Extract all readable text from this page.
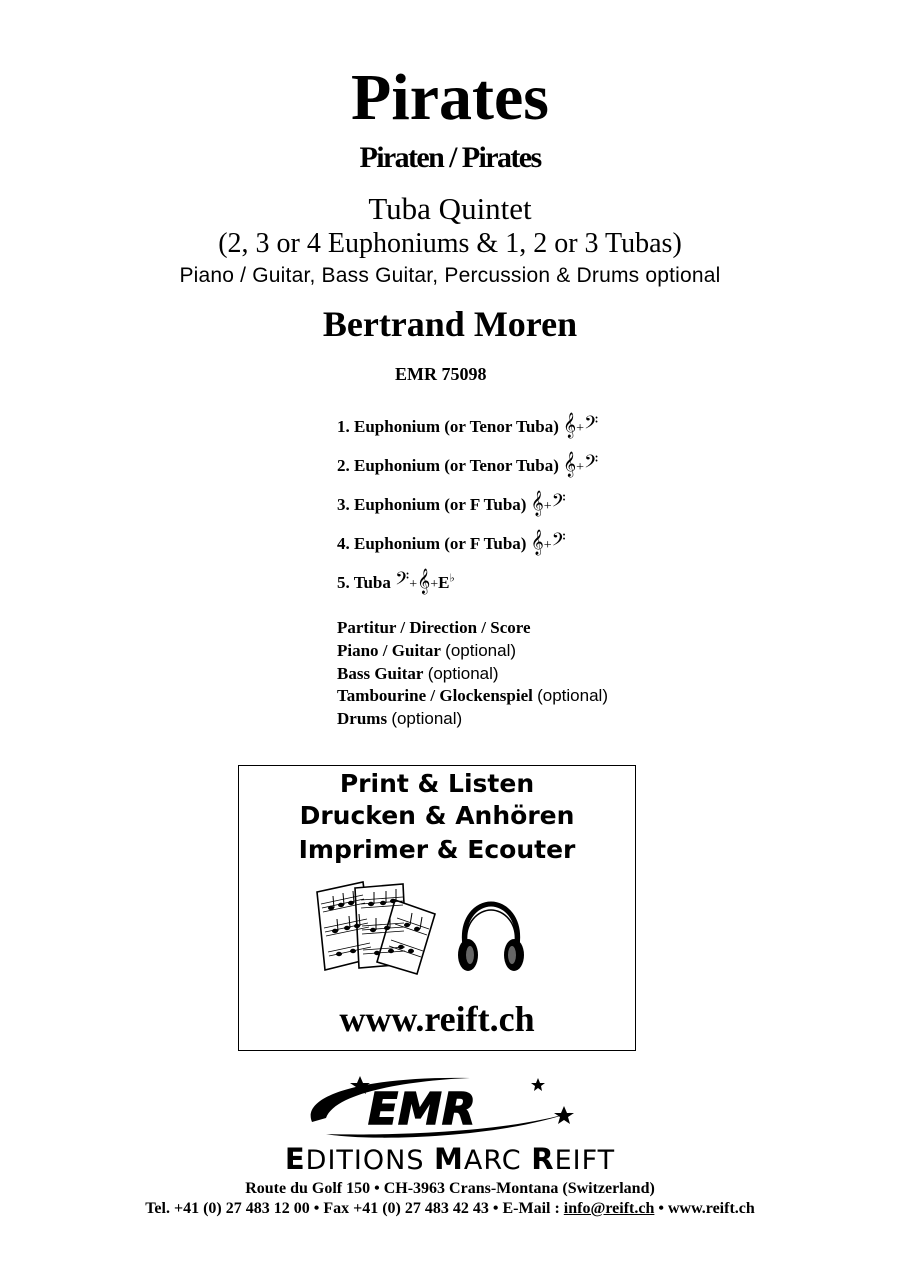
Pirates
Piraten / Pirates
Tuba Quintet
(2, 3 or 4 Euphoniums & 1, 2 or 3 Tubas)
Piano / Guitar, Bass Guitar, Percussion & Drums optional
Bertrand Moren
EMR 75098
1. Euphonium (or Tenor Tuba) 𝄞+𝄢
2. Euphonium (or Tenor Tuba) 𝄞+𝄢
3. Euphonium (or F Tuba) 𝄞+𝄢
4. Euphonium (or F Tuba) 𝄞+𝄢
5. Tuba 𝄢+𝄞+E♭
Partitur / Direction / Score
Piano / Guitar (optional)
Bass Guitar (optional)
Tambourine / Glockenspiel (optional)
Drums (optional)
Print & Listen
Drucken & Anhören
Imprimer & Ecouter
www.reift.ch
EMR
EDITIONS MARC REIFT
Route du Golf 150 • CH-3963 Crans-Montana (Switzerland)
Tel. +41 (0) 27 483 12 00 • Fax +41 (0) 27 483 42 43 • E-Mail : info@reift.ch • www.reift.ch
